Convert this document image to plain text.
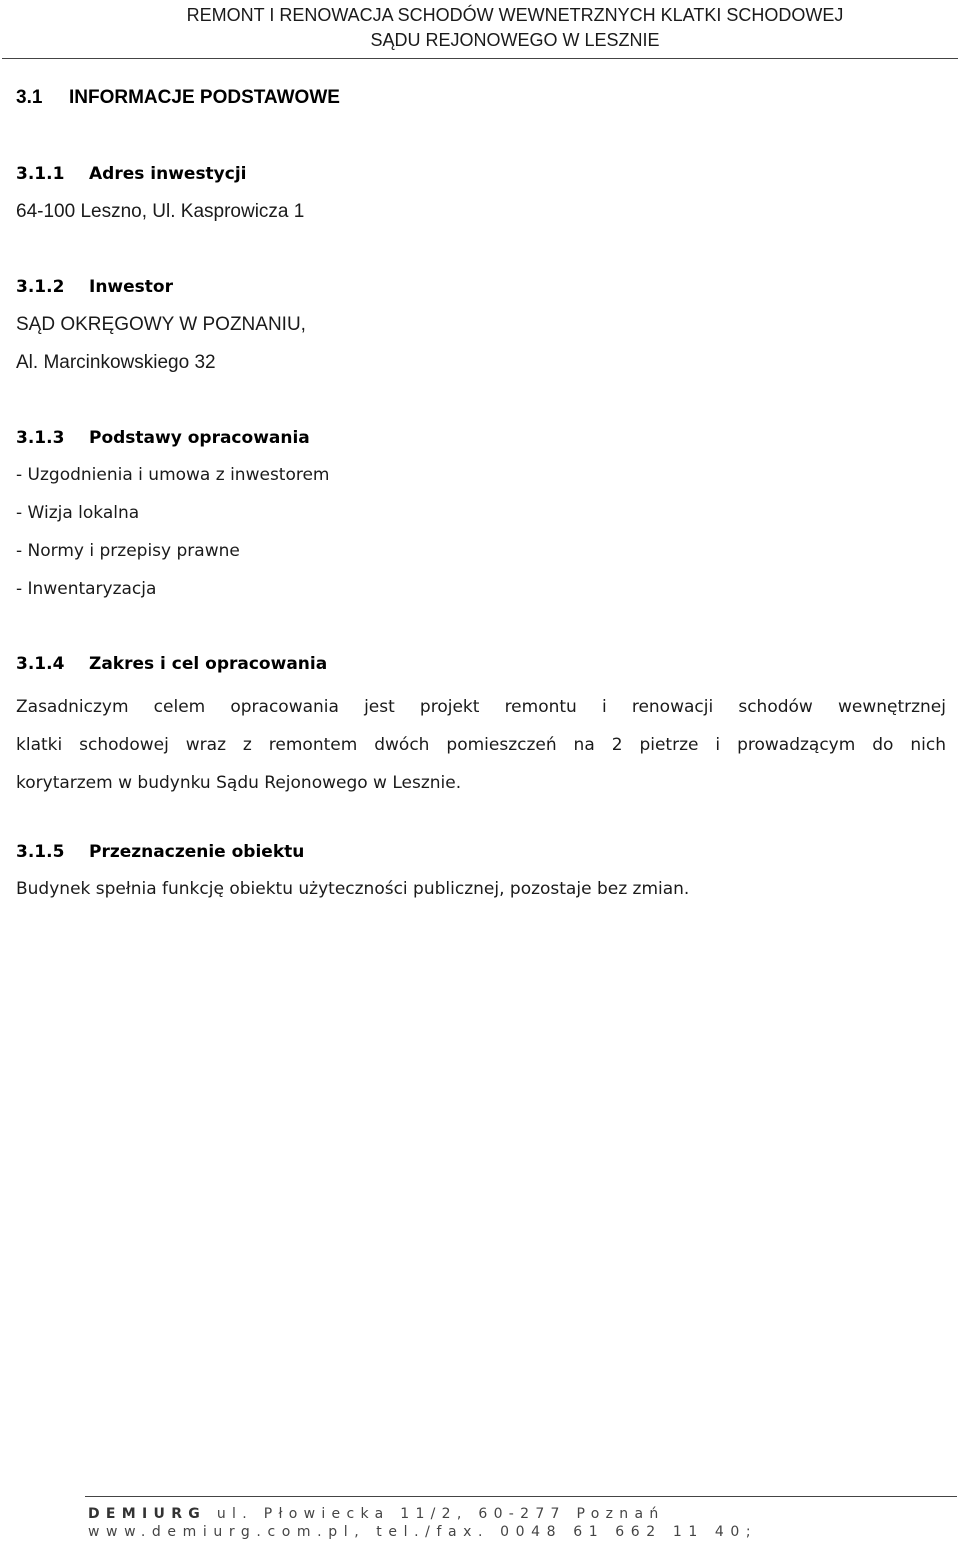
REMONT I RENOWACJA SCHODÓW WEWNETRZNYCH KLATKI SCHODOWEJ
SĄDU REJONOWEGO W LESZNIE
3.1 INFORMACJE PODSTAWOWE
3.1.1 Adres inwestycji
64-100 Leszno, Ul. Kasprowicza 1
3.1.2 Inwestor
SĄD OKRĘGOWY W POZNANIU,
Al. Marcinkowskiego 32
3.1.3 Podstawy opracowania
- Uzgodnienia i umowa z inwestorem
- Wizja lokalna
- Normy i przepisy prawne
- Inwentaryzacja
3.1.4 Zakres i cel opracowania
Zasadniczym celem opracowania jest projekt remontu i renowacji schodów wewnętrznej
klatki schodowej wraz z remontem dwóch pomieszczeń na 2 pietrze i prowadzącym do nich
korytarzem w budynku Sądu Rejonowego w Lesznie.
3.1.5 Przeznaczenie obiektu
Budynek spełnia funkcję obiektu użyteczności publicznej, pozostaje bez zmian.
DEMIURG ul. Płowiecka 11/2, 60-277 Poznań
www.demiurg.com.pl, tel./fax. 0048 61 662 11 40;
